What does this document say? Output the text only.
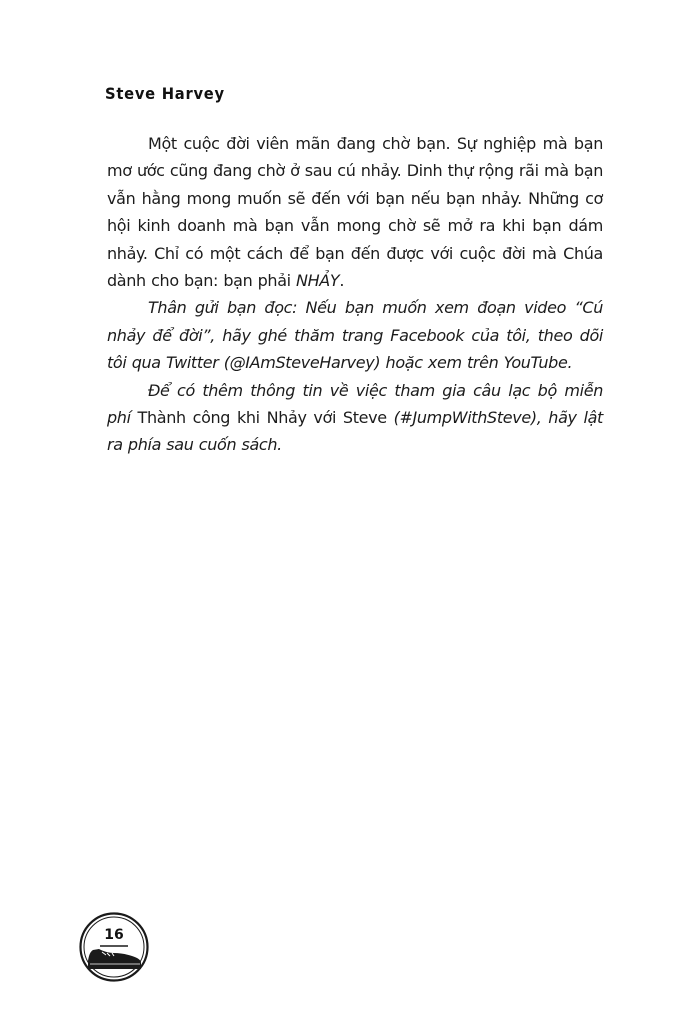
Steve Harvey

Một cuộc đời viên mãn đang chờ bạn. Sự nghiệp mà bạn mơ ước cũng đang chờ ở sau cú nhảy. Dinh thự rộng rãi mà bạn vẫn hằng mong muốn sẽ đến với bạn nếu bạn nhảy. Những cơ hội kinh doanh mà bạn vẫn mong chờ sẽ mở ra khi bạn dám nhảy. Chỉ có một cách để bạn đến được với cuộc đời mà Chúa dành cho bạn: bạn phải NHẢY.

Thân gửi bạn đọc: Nếu bạn muốn xem đoạn video “Cú nhảy để đời”, hãy ghé thăm trang Facebook của tôi, theo dõi tôi qua Twitter (@IAmSteveHarvey) hoặc xem trên YouTube.

Để có thêm thông tin về việc tham gia câu lạc bộ miễn phí Thành công khi Nhảy với Steve (#JumpWithSteve), hãy lật ra phía sau cuốn sách.

16
